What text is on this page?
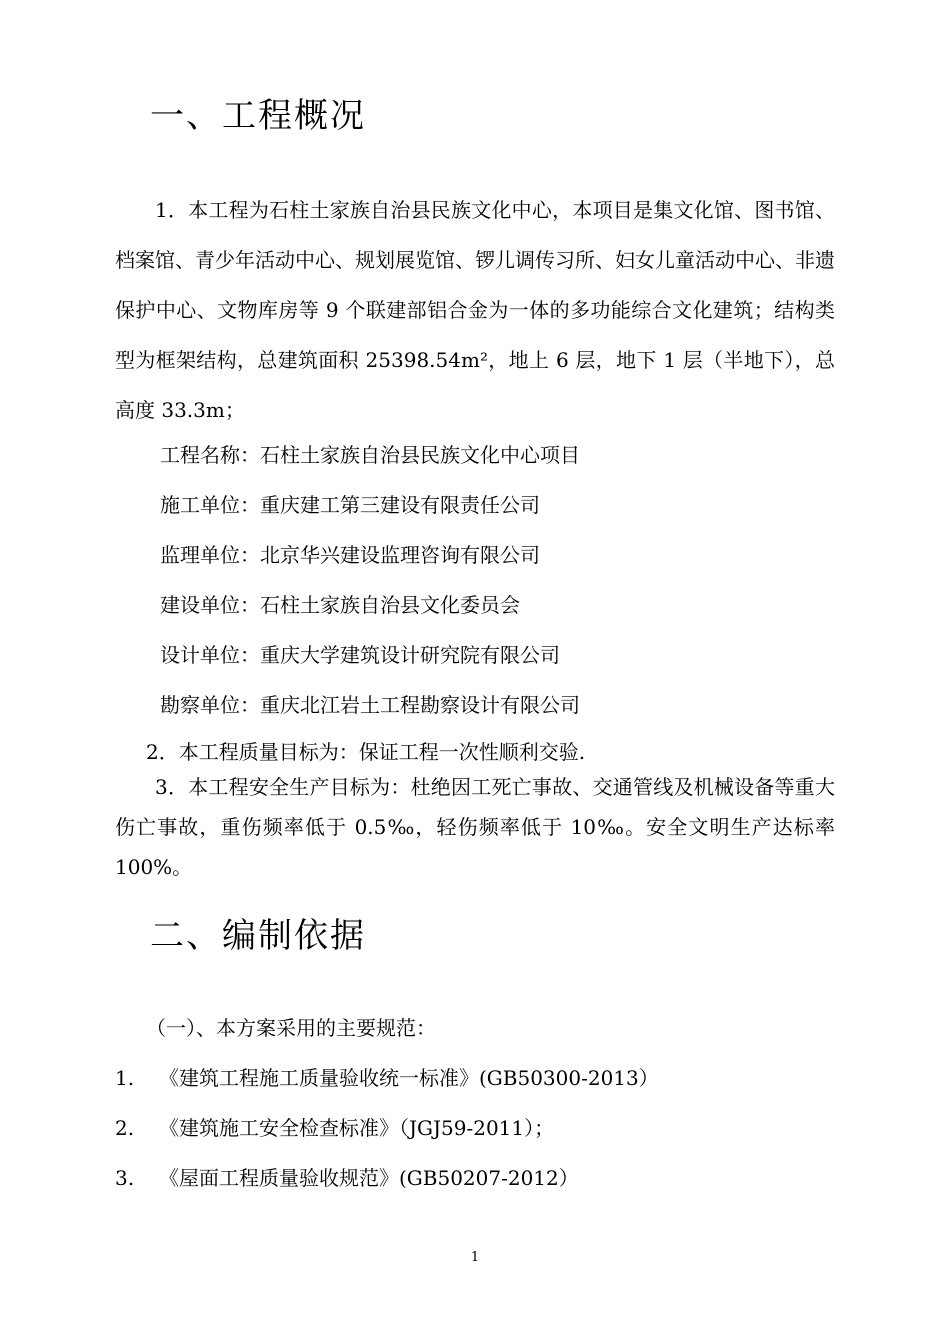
一、工程概况

1．本工程为石柱土家族自治县民族文化中心，本项目是集文化馆、图书馆、档案馆、青少年活动中心、规划展览馆、锣儿调传习所、妇女儿童活动中心、非遗保护中心、文物库房等 9 个联建部铝合金为一体的多功能综合文化建筑；结构类型为框架结构，总建筑面积 25398.54m²，地上 6 层，地下 1 层（半地下），总高度 33.3m；

工程名称：石柱土家族自治县民族文化中心项目
施工单位：重庆建工第三建设有限责任公司
监理单位：北京华兴建设监理咨询有限公司
建设单位：石柱土家族自治县文化委员会
设计单位：重庆大学建筑设计研究院有限公司
勘察单位：重庆北江岩土工程勘察设计有限公司
2．本工程质量目标为：保证工程一次性顺利交验.

3．本工程安全生产目标为：杜绝因工死亡事故、交通管线及机械设备等重大伤亡事故，重伤频率低于 0.5‰，轻伤频率低于 10‰。安全文明生产达标率 100%。

二、编制依据
（一）、本方案采用的主要规范：
1. 《建筑工程施工质量验收统一标准》(GB50300-2013）
2. 《建筑施工安全检查标准》（JGJ59-2011）；
3. 《屋面工程质量验收规范》(GB50207-2012）
1
